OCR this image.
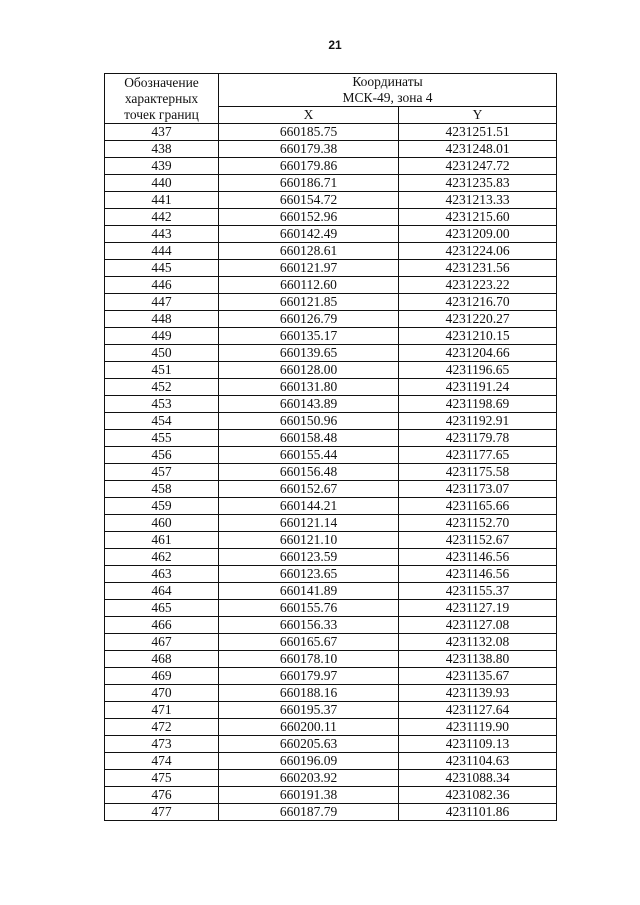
21
Обозначение
характерных
точек границ	Координаты
МСК-49, зона 4	
	X	Y
437	660185.75	4231251.51
438	660179.38	4231248.01
439	660179.86	4231247.72
440	660186.71	4231235.83
441	660154.72	4231213.33
442	660152.96	4231215.60
443	660142.49	4231209.00
444	660128.61	4231224.06
445	660121.97	4231231.56
446	660112.60	4231223.22
447	660121.85	4231216.70
448	660126.79	4231220.27
449	660135.17	4231210.15
450	660139.65	4231204.66
451	660128.00	4231196.65
452	660131.80	4231191.24
453	660143.89	4231198.69
454	660150.96	4231192.91
455	660158.48	4231179.78
456	660155.44	4231177.65
457	660156.48	4231175.58
458	660152.67	4231173.07
459	660144.21	4231165.66
460	660121.14	4231152.70
461	660121.10	4231152.67
462	660123.59	4231146.56
463	660123.65	4231146.56
464	660141.89	4231155.37
465	660155.76	4231127.19
466	660156.33	4231127.08
467	660165.67	4231132.08
468	660178.10	4231138.80
469	660179.97	4231135.67
470	660188.16	4231139.93
471	660195.37	4231127.64
472	660200.11	4231119.90
473	660205.63	4231109.13
474	660196.09	4231104.63
475	660203.92	4231088.34
476	660191.38	4231082.36
477	660187.79	4231101.86
